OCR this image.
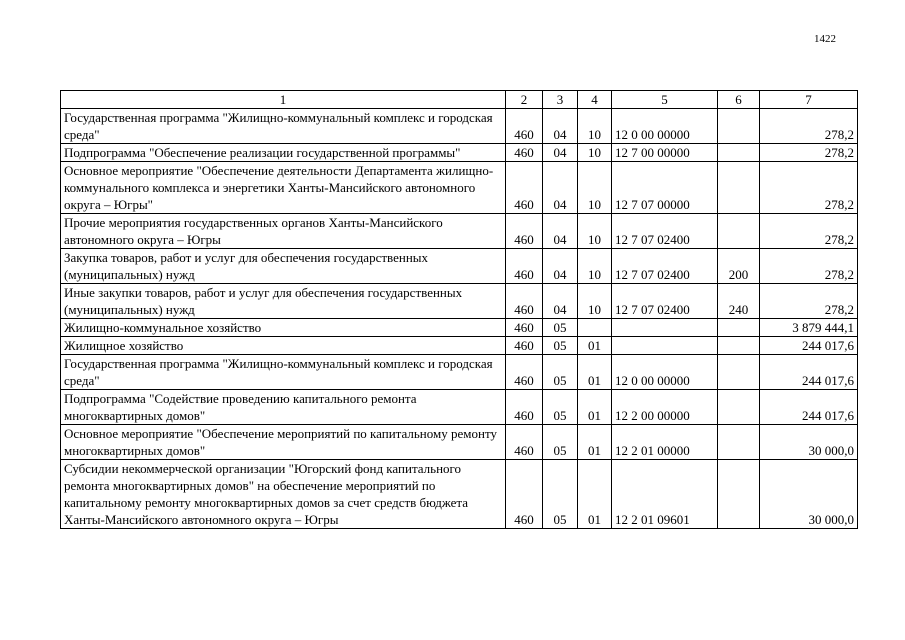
1422
1	2	3	4	5	6	7
Государственная программа "Жилищно-коммунальный комплекс и городская среда"	460	04	10	12 0 00 00000		278,2
Подпрограмма "Обеспечение реализации государственной программы"	460	04	10	12 7 00 00000		278,2
Основное мероприятие "Обеспечение деятельности Департамента жилищно-коммунального комплекса и энергетики Ханты-Мансийского автономного округа – Югры"	460	04	10	12 7 07 00000		278,2
Прочие мероприятия государственных органов Ханты-Мансийского автономного округа – Югры	460	04	10	12 7 07 02400		278,2
Закупка товаров, работ и услуг для обеспечения государственных (муниципальных) нужд	460	04	10	12 7 07 02400	200	278,2
Иные закупки товаров, работ и услуг для обеспечения государственных (муниципальных) нужд	460	04	10	12 7 07 02400	240	278,2
Жилищно-коммунальное хозяйство	460	05				3 879 444,1
Жилищное хозяйство	460	05	01			244 017,6
Государственная программа "Жилищно-коммунальный комплекс и городская среда"	460	05	01	12 0 00 00000		244 017,6
Подпрограмма "Содействие проведению капитального ремонта многоквартирных домов"	460	05	01	12 2 00 00000		244 017,6
Основное мероприятие "Обеспечение мероприятий по капитальному ремонту многоквартирных домов"	460	05	01	12 2 01 00000		30 000,0
Субсидии некоммерческой организации "Югорский фонд капитального ремонта многоквартирных домов" на обеспечение мероприятий по капитальному ремонту многоквартирных домов за счет средств бюджета Ханты-Мансийского автономного округа – Югры	460	05	01	12 2 01 09601		30 000,0
